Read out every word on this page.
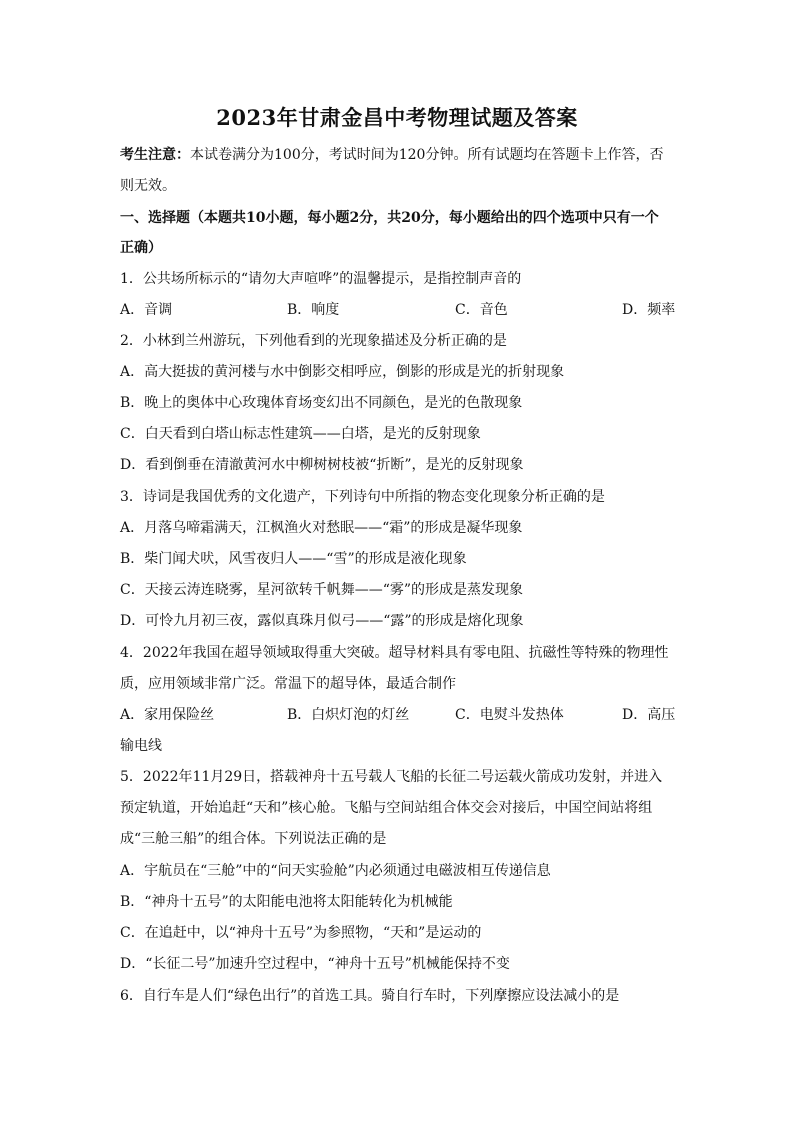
2023年甘肃金昌中考物理试题及答案
考生注意：本试卷满分为100分，考试时间为120分钟。所有试题均在答题卡上作答，否
则无效。
一、选择题（本题共10小题，每小题2分，共20分，每小题给出的四个选项中只有一个
正确）
1．公共场所标示的“请勿大声喧哗”的温馨提示，是指控制声音的
A．音调	B．响度	C．音色	D．频率
2．小林到兰州游玩，下列他看到的光现象描述及分析正确的是
A．高大挺拔的黄河楼与水中倒影交相呼应，倒影的形成是光的折射现象
B．晚上的奥体中心玫瑰体育场变幻出不同颜色，是光的色散现象
C．白天看到白塔山标志性建筑——白塔，是光的反射现象
D．看到倒垂在清澈黄河水中柳树树枝被“折断”，是光的反射现象
3．诗词是我国优秀的文化遗产，下列诗句中所指的物态变化现象分析正确的是
A．月落乌啼霜满天，江枫渔火对愁眠——“霜”的形成是凝华现象
B．柴门闻犬吠，风雪夜归人——“雪”的形成是液化现象
C．天接云涛连晓雾，星河欲转千帆舞——“雾”的形成是蒸发现象
D．可怜九月初三夜，露似真珠月似弓——“露”的形成是熔化现象
4．2022年我国在超导领域取得重大突破。超导材料具有零电阻、抗磁性等特殊的物理性
质，应用领域非常广泛。常温下的超导体，最适合制作
A．家用保险丝	B．白炽灯泡的灯丝	C．电熨斗发热体	D．高压
输电线
5．2022年11月29日，搭载神舟十五号载人飞船的长征二号运载火箭成功发射，并进入
预定轨道，开始追赶“天和”核心舱。飞船与空间站组合体交会对接后，中国空间站将组
成“三舱三船”的组合体。下列说法正确的是
A．宇航员在“三舱”中的“问天实验舱”内必须通过电磁波相互传递信息
B．“神舟十五号”的太阳能电池将太阳能转化为机械能
C．在追赶中，以“神舟十五号”为参照物，“天和”是运动的
D．“长征二号”加速升空过程中，“神舟十五号”机械能保持不变
6．自行车是人们“绿色出行”的首选工具。骑自行车时，下列摩擦应设法减小的是
